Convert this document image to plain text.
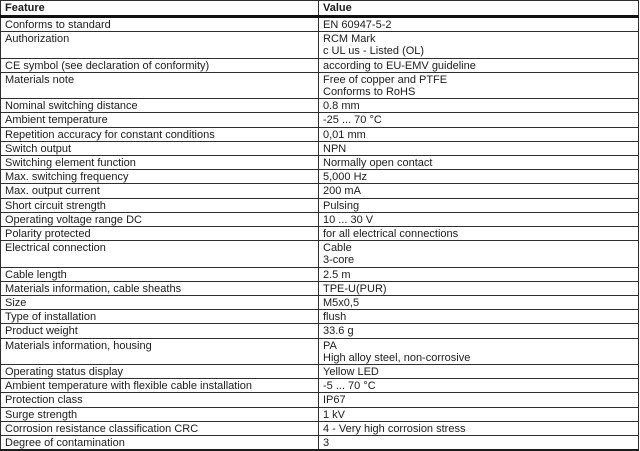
Feature	Value
Conforms to standard	EN 60947-5-2

Authorization	RCM Mark
c UL us - Listed (OL)

CE symbol (see declaration of conformity)	according to EU-EMV guideline

Materials note	Free of copper and PTFE
Conforms to RoHS

Nominal switching distance	0.8 mm

Ambient temperature	-25 ... 70 °C

Repetition accuracy for constant conditions	0,01 mm

Switch output	NPN

Switching element function	Normally open contact

Max. switching frequency	5,000 Hz

Max. output current	200 mA

Short circuit strength	Pulsing

Operating voltage range DC	10 ... 30 V

Polarity protected	for all electrical connections

Electrical connection	Cable
3-core

Cable length	2.5 m

Materials information, cable sheaths	TPE-U(PUR)

Size	M5x0,5

Type of installation	flush

Product weight	33.6 g

Materials information, housing	PA
High alloy steel, non-corrosive

Operating status display	Yellow LED

Ambient temperature with flexible cable installation	-5 ... 70 °C

Protection class	IP67

Surge strength	1 kV

Corrosion resistance classification CRC	4 - Very high corrosion stress

Degree of contamination	3
